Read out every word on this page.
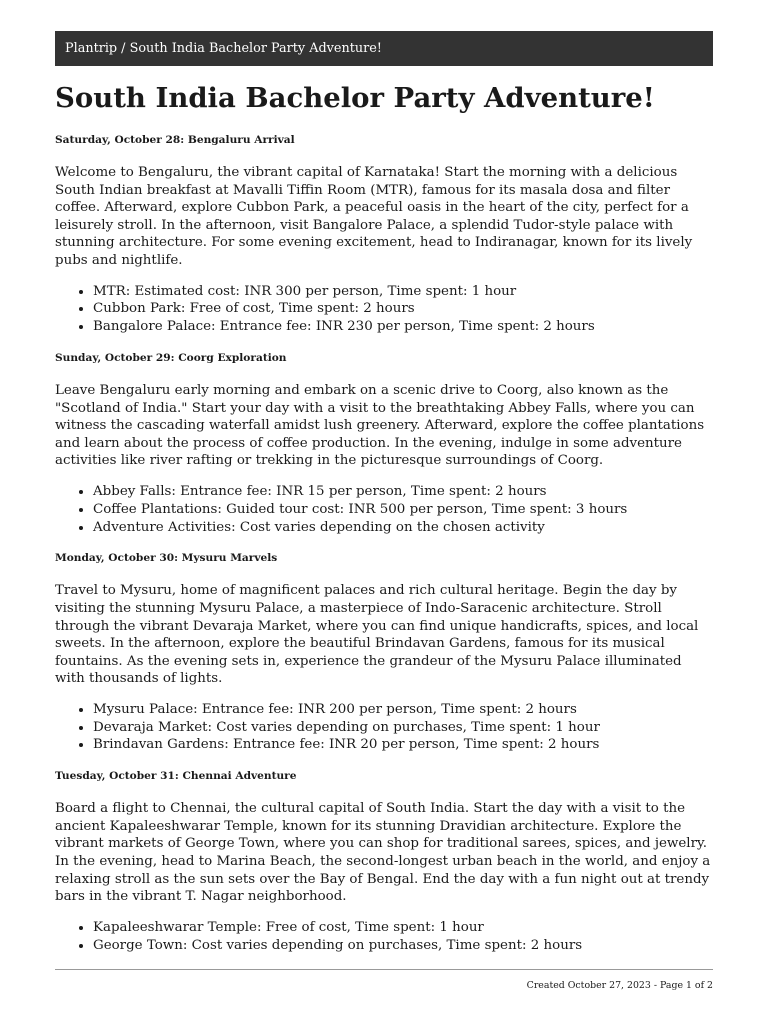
Plantrip / South India Bachelor Party Adventure!
South India Bachelor Party Adventure!
Saturday, October 28: Bengaluru Arrival

Welcome to Bengaluru, the vibrant capital of Karnataka! Start the morning with a delicious South Indian breakfast at Mavalli Tiffin Room (MTR), famous for its masala dosa and filter coffee. Afterward, explore Cubbon Park, a peaceful oasis in the heart of the city, perfect for a leisurely stroll. In the afternoon, visit Bangalore Palace, a splendid Tudor-style palace with stunning architecture. For some evening excitement, head to Indiranagar, known for its lively pubs and nightlife.

• MTR: Estimated cost: INR 300 per person, Time spent: 1 hour
• Cubbon Park: Free of cost, Time spent: 2 hours
• Bangalore Palace: Entrance fee: INR 230 per person, Time spent: 2 hours
Sunday, October 29: Coorg Exploration

Leave Bengaluru early morning and embark on a scenic drive to Coorg, also known as the "Scotland of India." Start your day with a visit to the breathtaking Abbey Falls, where you can witness the cascading waterfall amidst lush greenery. Afterward, explore the coffee plantations and learn about the process of coffee production. In the evening, indulge in some adventure activities like river rafting or trekking in the picturesque surroundings of Coorg.

• Abbey Falls: Entrance fee: INR 15 per person, Time spent: 2 hours
• Coffee Plantations: Guided tour cost: INR 500 per person, Time spent: 3 hours
• Adventure Activities: Cost varies depending on the chosen activity
Monday, October 30: Mysuru Marvels

Travel to Mysuru, home of magnificent palaces and rich cultural heritage. Begin the day by visiting the stunning Mysuru Palace, a masterpiece of Indo-Saracenic architecture. Stroll through the vibrant Devaraja Market, where you can find unique handicrafts, spices, and local sweets. In the afternoon, explore the beautiful Brindavan Gardens, famous for its musical fountains. As the evening sets in, experience the grandeur of the Mysuru Palace illuminated with thousands of lights.

• Mysuru Palace: Entrance fee: INR 200 per person, Time spent: 2 hours
• Devaraja Market: Cost varies depending on purchases, Time spent: 1 hour
• Brindavan Gardens: Entrance fee: INR 20 per person, Time spent: 2 hours
Tuesday, October 31: Chennai Adventure

Board a flight to Chennai, the cultural capital of South India. Start the day with a visit to the ancient Kapaleeshwarar Temple, known for its stunning Dravidian architecture. Explore the vibrant markets of George Town, where you can shop for traditional sarees, spices, and jewelry. In the evening, head to Marina Beach, the second-longest urban beach in the world, and enjoy a relaxing stroll as the sun sets over the Bay of Bengal. End the day with a fun night out at trendy bars in the vibrant T. Nagar neighborhood.

• Kapaleeshwarar Temple: Free of cost, Time spent: 1 hour
• George Town: Cost varies depending on purchases, Time spent: 2 hours
Created October 27, 2023 - Page 1 of 2
